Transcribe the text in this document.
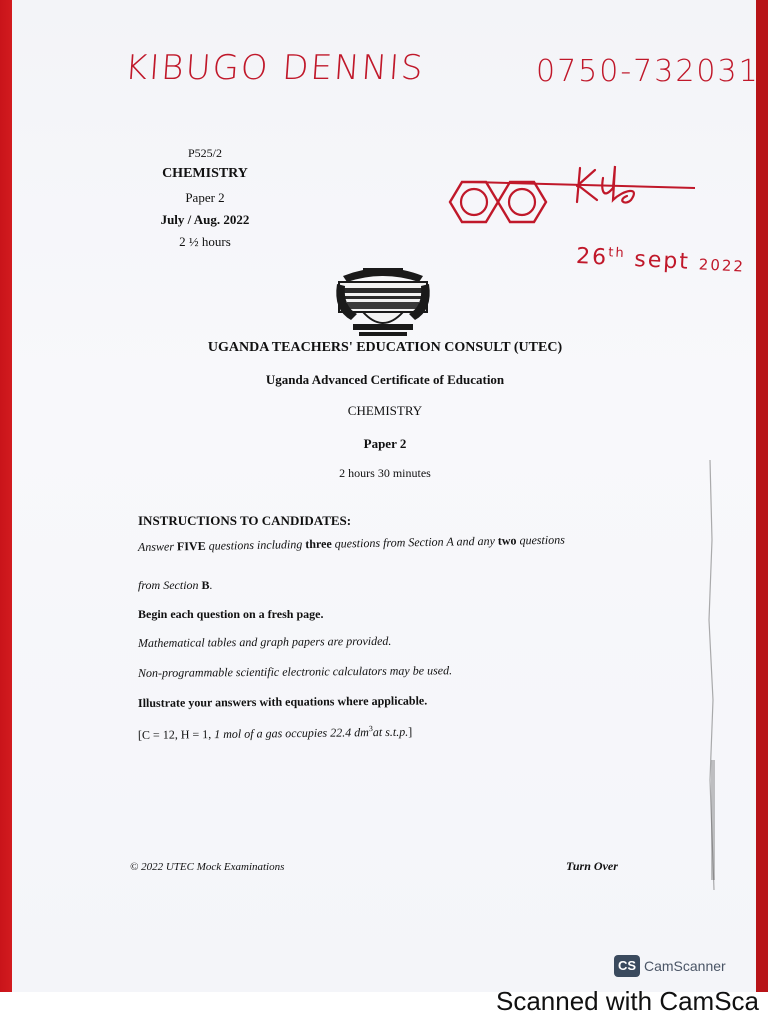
KIBUGO DENNIS	0750-732031
26th sept 2022
P525/2
CHEMISTRY
Paper 2
July / Aug. 2022
2 ½ hours
UGANDA TEACHERS' EDUCATION CONSULT (UTEC)
Uganda Advanced Certificate of Education
CHEMISTRY
Paper 2
2 hours 30 minutes
INSTRUCTIONS TO CANDIDATES:
Answer FIVE questions including three questions from Section A and any two questions
from Section B.
Begin each question on a fresh page.
Mathematical tables and graph papers are provided.
Non-programmable scientific electronic calculators may be used.
Illustrate your answers with equations where applicable.
[C = 12, H = 1, 1 mol of a gas occupies 22.4 $dm^3at$ s.t.p.]
© 2022 UTEC Mock Examinations	Turn Over
CS CamScanner
Scanned with CamSca
